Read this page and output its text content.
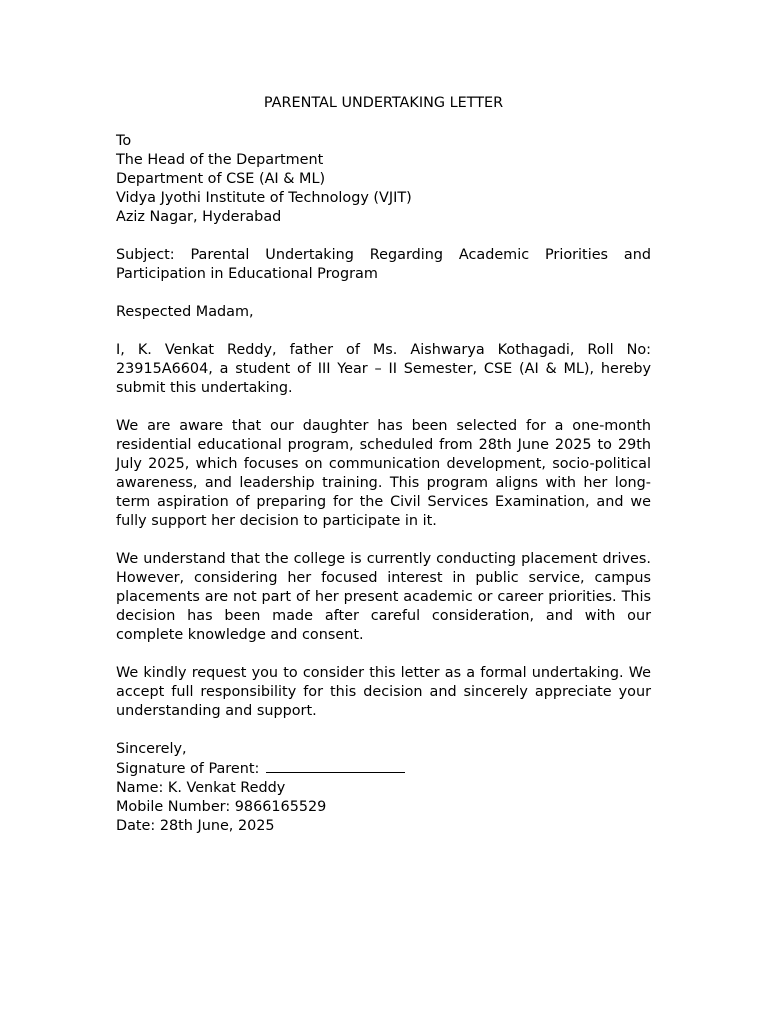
PARENTAL UNDERTAKING LETTER
To
The Head of the Department
Department of CSE (AI & ML)
Vidya Jyothi Institute of Technology (VJIT)
Aziz Nagar, Hyderabad
Subject: Parental Undertaking Regarding Academic Priorities and Participation in Educational Program
Respected Madam,
I, K. Venkat Reddy, father of Ms. Aishwarya Kothagadi, Roll No: 23915A6604, a student of III Year – II Semester, CSE (AI & ML), hereby submit this undertaking.
We are aware that our daughter has been selected for a one-month residential educational program, scheduled from 28th June 2025 to 29th July 2025, which focuses on communication development, socio-political awareness, and leadership training. This program aligns with her long-term aspiration of preparing for the Civil Services Examination, and we fully support her decision to participate in it.
We understand that the college is currently conducting placement drives. However, considering her focused interest in public service, campus placements are not part of her present academic or career priorities. This decision has been made after careful consideration, and with our complete knowledge and consent.
We kindly request you to consider this letter as a formal undertaking. We accept full responsibility for this decision and sincerely appreciate your understanding and support.
Sincerely,
Signature of Parent:
Name: K. Venkat Reddy
Mobile Number: 9866165529
Date: 28th June, 2025
